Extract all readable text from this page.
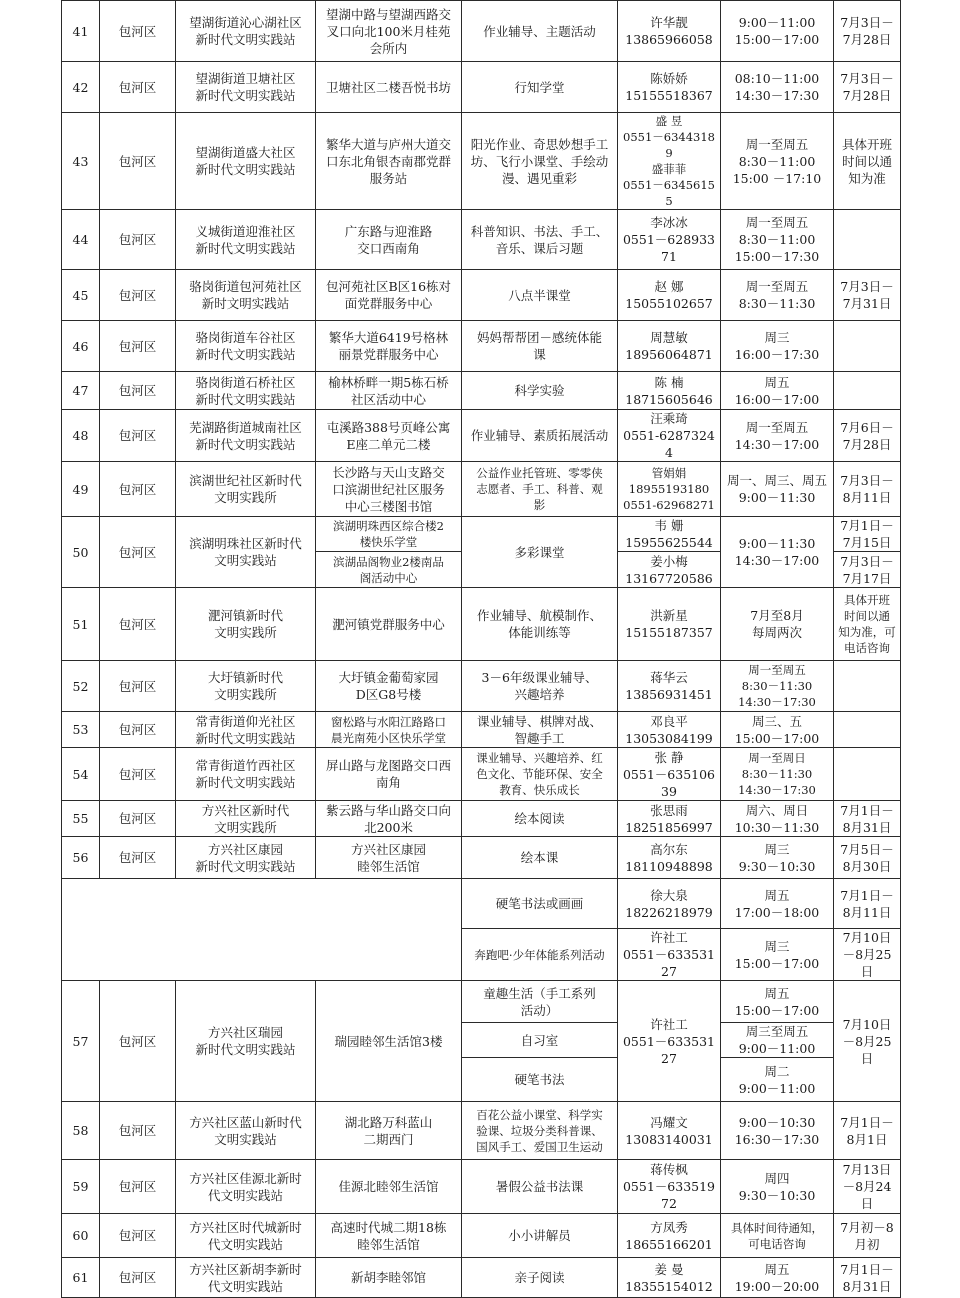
41	包河区	望湖街道沁心湖社区
新时代文明实践站	望湖中路与望湖西路交
叉口向北100米月桂苑
会所内	作业辅导、主题活动	许华靓
13865966058	9:00－11:00
15:00－17:00	7月3日－
7月28日
42	包河区	望湖街道卫塘社区
新时代文明实践站	卫塘社区二楼吾悦书坊	行知学堂	陈娇娇
15155518367	08:10－11:00
14:30－17:30	7月3日－
7月28日
43	包河区	望湖街道盛大社区
新时代文明实践站	繁华大道与庐州大道交
口东北角银杏南郡党群
服务站	阳光作业、奇思妙想手工
坊、飞行小课堂、手绘动
漫、遇见重彩	盛 昱
0551－63443189
盛菲菲
0551－63456155	周一至周五
8:30－11:00
15:00 －17:10	具体开班
时间以通
知为准
44	包河区	义城街道迎淮社区
新时代文明实践站	广东路与迎淮路
交口西南角	科普知识、书法、手工、
音乐、课后习题	李冰冰
0551－62893371	周一至周五
8:30－11:00
15:00－17:30	
45	包河区	骆岗街道包河苑社区
新时文明实践站	包河苑社区B区16栋对
面党群服务中心	八点半课堂	赵 娜
15055102657	周一至周五
8:30－11:30	7月3日－
7月31日
46	包河区	骆岗街道车谷社区
新时代文明实践站	繁华大道6419号格林
丽景党群服务中心	妈妈帮帮团－感统体能
课	周慧敏
18956064871	周三
16:00－17:30	
47	包河区	骆岗街道石桥社区
新时代文明实践站	榆林桥畔一期5栋石桥
社区活动中心	科学实验	陈 楠
18715605646	周五
16:00－17:00	
48	包河区	芜湖路街道城南社区
新时代文明实践站	屯溪路388号页峰公寓
E座二单元二楼	作业辅导、素质拓展活动	汪乘琦
0551-62873244	周一至周五
14:30－17:00	7月6日－
7月28日
49	包河区	滨湖世纪社区新时代
文明实践所	长沙路与天山支路交
口滨湖世纪社区服务
中心三楼图书馆	公益作业托管班、零零侠
志愿者、手工、科普、观
影	管娟娟
18955193180
0551-62968271	周一、周三、周五
9:00－11:30	7月3日－
8月11日
50	包河区	滨湖明珠社区新时代
文明实践站	滨湖明珠西区综合楼2
楼快乐学堂	多彩课堂	韦 姗
15955625544	9:00－11:30
14:30－17:00	7月1日－
7月15日
			滨湖品阁物业2楼南品
阁活动中心		姜小梅
13167720586		7月3日－
7月17日
51	包河区	淝河镇新时代
文明实践所	淝河镇党群服务中心	作业辅导、航模制作、
体能训练等	洪新星
15155187357	7月至8月
每周两次	具体开班
时间以通
知为准，可
电话咨询
52	包河区	大圩镇新时代
文明实践所	大圩镇金葡萄家园
D区G8号楼	3－6年级课业辅导、
兴趣培养	蒋华云
13856931451	周一至周五
8:30－11:30
14:30－17:30	
53	包河区	常青街道仰光社区
新时代文明实践站	窗松路与水阳江路路口
晨光南苑小区快乐学堂	课业辅导、棋牌对战、
智趣手工	邓良平
13053084199	周三、五
15:00－17:00	
54	包河区	常青街道竹西社区
新时代文明实践站	屏山路与龙图路交口西
南角	课业辅导、兴趣培养、红
色文化、节能环保、安全
教育、快乐成长	张 静
0551－63510639	周一至周日
8:30－11:30
14:30－17:30	
55	包河区	方兴社区新时代
文明实践所	紫云路与华山路交口向
北200米	绘本阅读	张思雨
18251856997	周六、周日
10:30－11:30	7月1日－
8月31日
56	包河区	方兴社区康园
新时代文明实践站	方兴社区康园
睦邻生活馆	绘本课	高尔东
18110948898	周三
9:30－10:30	7月5日－
8月30日
				硬笔书法或画画	徐大泉
18226218979	周五
17:00－18:00	7月1日－
8月11日
				奔跑吧·少年体能系列活动	许社工
0551－63353127	周三
15:00－17:00	7月10日
－8月25
日
57	包河区	方兴社区瑞园
新时代文明实践站	瑞园睦邻生活馆3楼	童趣生活（手工系列
活动）	许社工
0551－63353127	周五
15:00－17:00	7月10日
－8月25
日
				自习室		周三至周五
9:00－11:00	
				硬笔书法		周二
9:00－11:00	
58	包河区	方兴社区蓝山新时代
文明实践站	湖北路万科蓝山
二期西门	百花公益小课堂、科学实
验课、垃圾分类科普课、
国风手工、爱国卫生运动	冯耀文
13083140031	9:00－10:30
16:30－17:30	7月1日－
8月1日
59	包河区	方兴社区佳源北新时
代文明实践站	佳源北睦邻生活馆	暑假公益书法课	蒋传枫
0551－63351972	周四
9:30－10:30	7月13日
－8月24
日
60	包河区	方兴社区时代城新时
代文明实践站	高速时代城二期18栋
睦邻生活馆	小小讲解员	方凤秀
18655166201	具体时间待通知，
可电话咨询	7月初－8
月初
61	包河区	方兴社区新胡李新时
代文明实践站	新胡李睦邻馆	亲子阅读	姜 曼
18355154012	周五
19:00－20:00	7月1日－
8月31日
